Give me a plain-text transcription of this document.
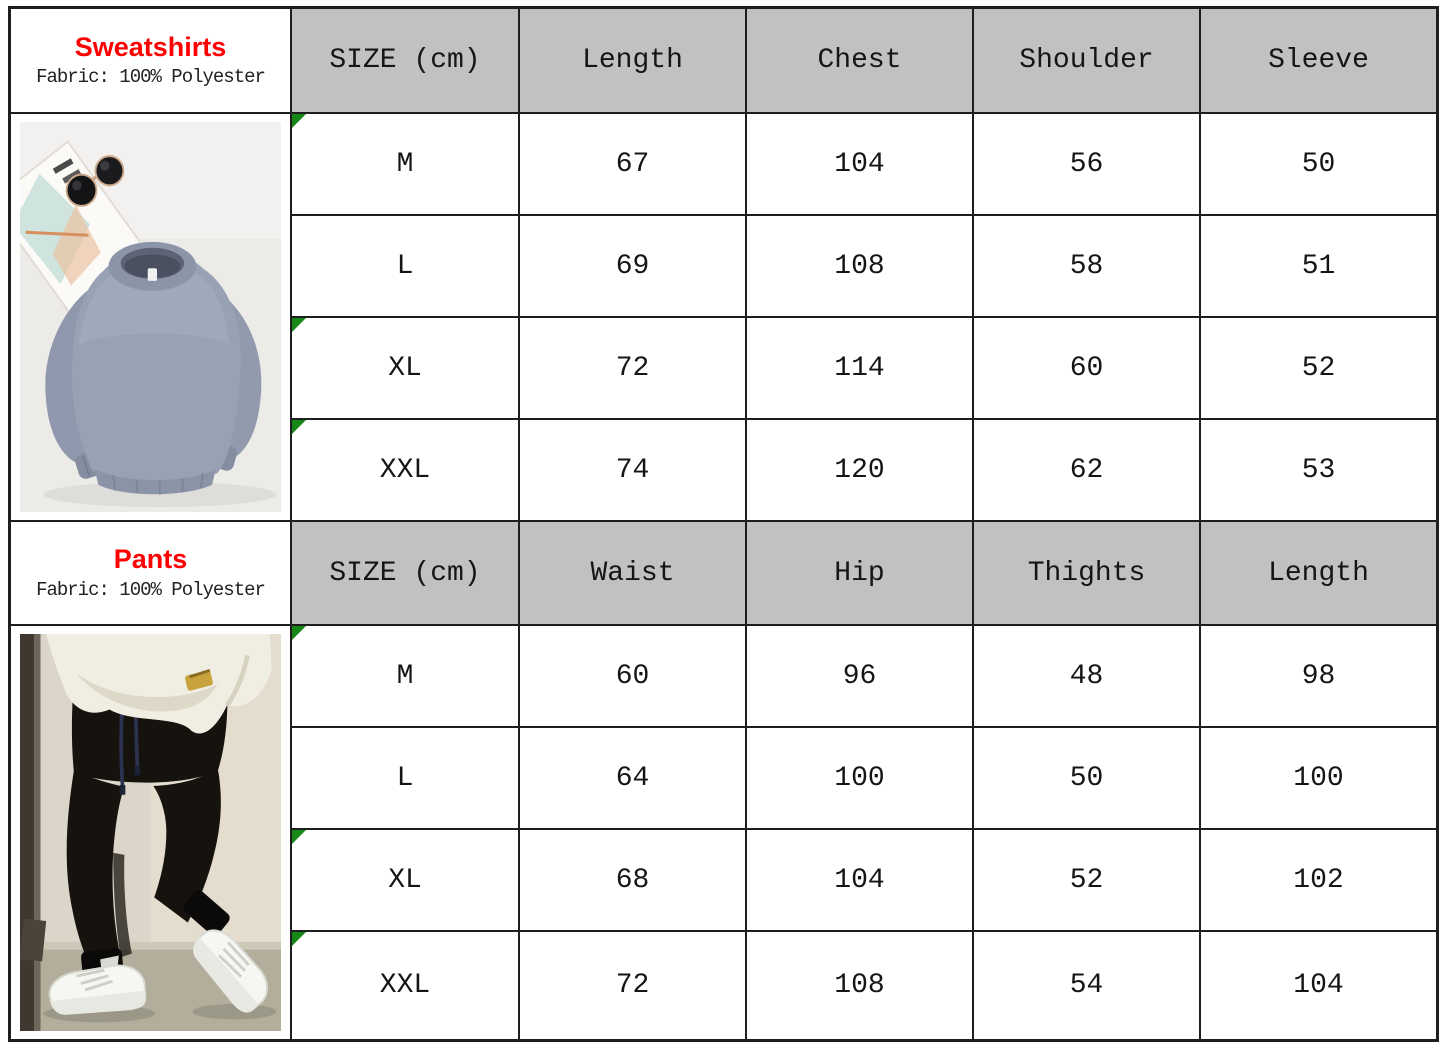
Sweatshirts
Fabric: 100% Polyester
SIZE (cm)	Length	Chest	Shoulder	Sleeve
M	67	104	56	50
L	69	108	58	51
XL	72	114	60	52
XXL	74	120	62	53
Pants
Fabric: 100% Polyester
SIZE (cm)	Waist	Hip	Thights	Length
M	60	96	48	98
L	64	100	50	100
XL	68	104	52	102
XXL	72	108	54	104
